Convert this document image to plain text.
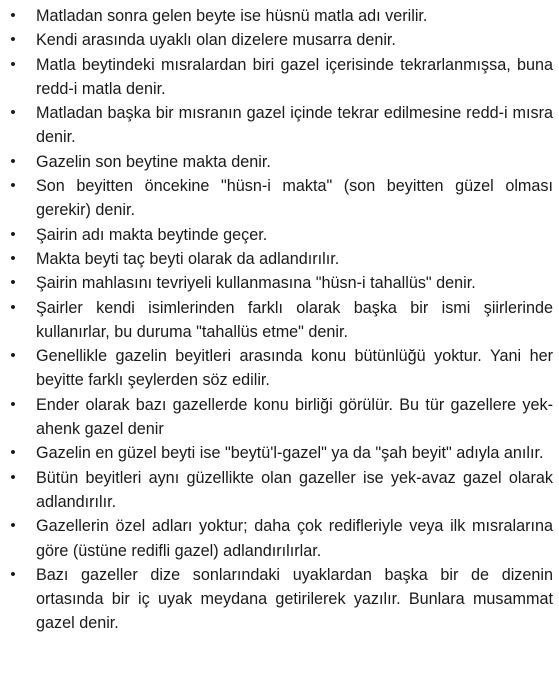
• Matladan sonra gelen beyte ise hüsnü matla adı verilir.
• Kendi arasında uyaklı olan dizelere musarra denir.
• Matla beytindeki mısralardan biri gazel içerisinde tekrarlanmışsa, buna redd-i matla denir.
• Matladan başka bir mısranın gazel içinde tekrar edilmesine redd-i mısra denir.
• Gazelin son beytine makta denir.
• Son beyitten öncekine "hüsn-i makta" (son beyitten güzel olması gerekir) denir.
• Şairin adı makta beytinde geçer.
• Makta beyti taç beyti olarak da adlandırılır.
• Şairin mahlasını tevriyeli kullanmasına "hüsn-i tahallüs" denir.
• Şairler kendi isimlerinden farklı olarak başka bir ismi şiirlerinde kullanırlar, bu duruma "tahallüs etme" denir.
• Genellikle gazelin beyitleri arasında konu bütünlüğü yoktur. Yani her beyitte farklı şeylerden söz edilir.
• Ender olarak bazı gazellerde konu birliği görülür. Bu tür gazellere yek-ahenk gazel denir
• Gazelin en güzel beyti ise "beytü'l-gazel" ya da "şah beyit" adıyla anılır.
• Bütün beyitleri aynı güzellikte olan gazeller ise yek-avaz gazel olarak adlandırılır.
• Gazellerin özel adları yoktur; daha çok redifleriyle veya ilk mısralarına göre (üstüne redifli gazel) adlandırılırlar.
• Bazı gazeller dize sonlarındaki uyaklardan başka bir de dizenin ortasında bir iç uyak meydana getirilerek yazılır. Bunlara musammat gazel denir.
